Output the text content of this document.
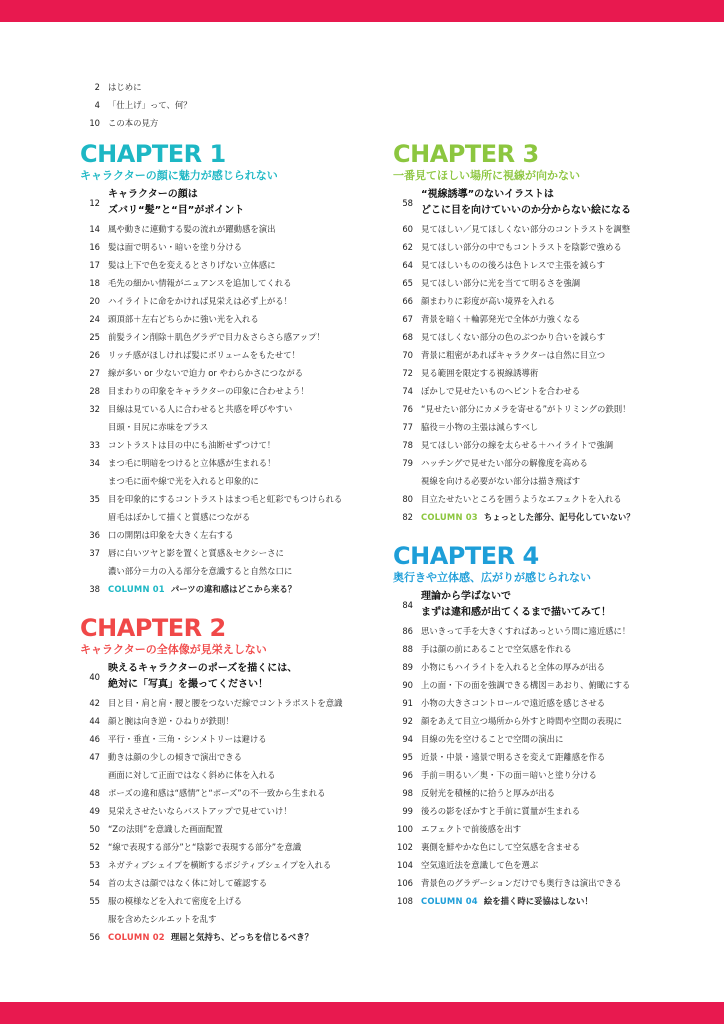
2 はじめに
4 「仕上げ」って、何？
10 この本の見方
CHAPTER 1
キャラクターの顔に魅力が感じられない
12
キャラクターの顔は
ズバリ“髪”と“目”がポイント
14 風や動きに連動する髪の流れが躍動感を演出
16 髪は面で明るい・暗いを塗り分ける
17 髪は上下で色を変えるとさりげない立体感に
18 毛先の細かい情報がニュアンスを追加してくれる
20 ハイライトに命をかければ見栄えは必ず上がる！
24 頭頂部＋左右どちらかに強い光を入れる
25 前髪ライン削除＋肌色グラデで目力＆さらさら感アップ！
26 リッチ感がほしければ髪にボリュームをもたせて！
27 線が多い or 少ないで迫力 or やわらかさにつながる
28 目まわりの印象をキャラクターの印象に合わせよう！
32 目線は見ている人に合わせると共感を呼びやすい
目頭・目尻に赤味をプラス
33 コントラストは目の中にも油断せずつけて！
34 まつ毛に明暗をつけると立体感が生まれる！
まつ毛に面や線で光を入れると印象的に
35 目を印象的にするコントラストはまつ毛と虹彩でもつけられる
眉毛はぼかして描くと質感につながる
36 口の開閉は印象を大きく左右する
37 唇に白いツヤと影を置くと質感＆セクシーさに
濃い部分＝力の入る部分を意識すると自然な口に
38 COLUMN 01 パーツの違和感はどこから来る？
CHAPTER 2
キャラクターの全体像が見栄えしない
40
映えるキャラクターのポーズを描くには、
絶対に「写真」を撮ってください！
42 目と目・肩と肩・腰と腰をつないだ線でコントラポストを意識
44 顔と腕は向き逆・ひねりが鉄則！
46 平行・垂直・三角・シンメトリーは避ける
47 動きは顔の少しの傾きで演出できる
画面に対して正面ではなく斜めに体を入れる
48 ポーズの違和感は“感情”と“ポーズ”の不一致から生まれる
49 見栄えさせたいならバストアップで見せていけ！
50 “Zの法則”を意識した画面配置
52 “線で表現する部分”と“陰影で表現する部分”を意識
53 ネガティブシェイプを横断するポジティブシェイプを入れる
54 首の太さは顔ではなく体に対して確認する
55 服の模様などを入れて密度を上げる
服を含めたシルエットを乱す
56 COLUMN 02 理屈と気持ち、どっちを信じるべき？
CHAPTER 3
一番見てほしい場所に視線が向かない
58
“視線誘導”のないイラストは
どこに目を向けていいのか分からない絵になる
60 見てほしい／見てほしくない部分のコントラストを調整
62 見てほしい部分の中でもコントラストを陰影で強める
64 見てほしいものの後ろは色トレスで主張を減らす
65 見てほしい部分に光を当てて明るさを強調
66 顔まわりに彩度が高い境界を入れる
67 背景を暗く＋輪郭発光で全体が力強くなる
68 見てほしくない部分の色のぶつかり合いを減らす
70 背景に粗密があればキャラクターは自然に目立つ
72 見る範囲を限定する視線誘導術
74 ぼかしで見せたいものへピントを合わせる
76 “見せたい部分にカメラを寄せる”がトリミングの鉄則！
77 脇役＝小物の主張は減らすべし
78 見てほしい部分の線を太らせる＋ハイライトで強調
79 ハッチングで見せたい部分の解像度を高める
視線を向ける必要がない部分は描き飛ばす
80 目立たせたいところを囲うようなエフェクトを入れる
82 COLUMN 03 ちょっとした部分、記号化していない？
CHAPTER 4
奥行きや立体感、広がりが感じられない
84
理論から学ばないで
まずは違和感が出てくるまで描いてみて！
86 思いきって手を大きくすればあっという間に遠近感に！
88 手は顔の前にあることで空気感を作れる
89 小物にもハイライトを入れると全体の厚みが出る
90 上の面・下の面を強調できる構図＝あおり、俯瞰にする
91 小物の大きさコントロールで遠近感を感じさせる
92 顔をあえて目立つ場所から外すと時間や空間の表現に
94 目線の先を空けることで空間の演出に
95 近景・中景・遠景で明るさを変えて距離感を作る
96 手前＝明るい／奥・下の面＝暗いと塗り分ける
98 反射光を積極的に拾うと厚みが出る
99 後ろの影をぼかすと手前に質量が生まれる
100 エフェクトで前後感を出す
102 裏側を鮮やかな色にして空気感を含ませる
104 空気遠近法を意識して色を選ぶ
106 背景色のグラデーションだけでも奥行きは演出できる
108 COLUMN 04 絵を描く時に妥協はしない！
